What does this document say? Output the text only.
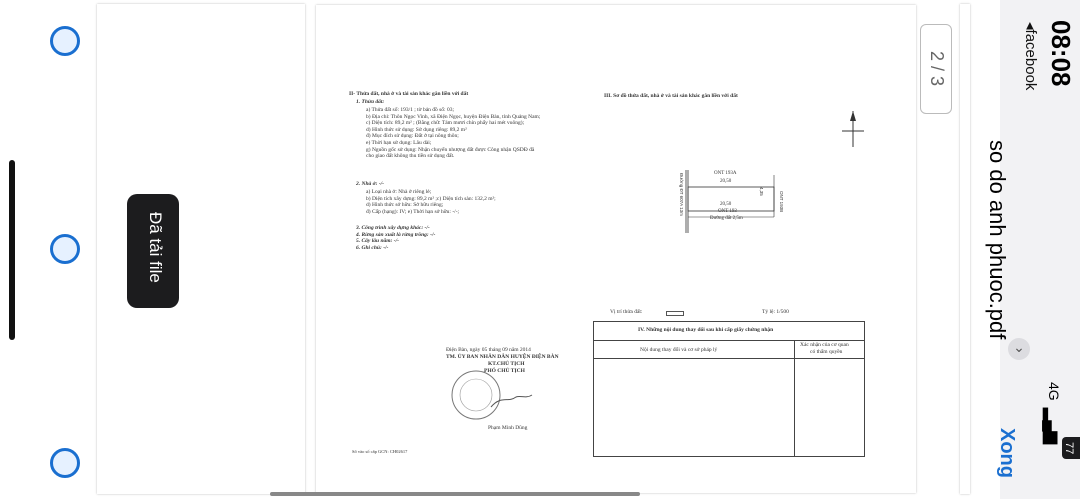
II- Thửa đất, nhà ở và tài sản khác gắn liền với đất
1. Thửa đất:
a) Thửa đất số: 193/1 ; tờ bản đồ số: 03;
b) Địa chỉ: Thôn Ngọc Vinh, xã Điện Ngọc, huyện Điện Bàn, tỉnh Quảng Nam;
c) Diện tích: 89,2 m² ; (Bằng chữ: Tám mươi chín phẩy hai mét vuông);
d) Hình thức sử dụng: Sử dụng riêng: 89,2 m²
đ) Mục đích sử dụng: Đất ở tại nông thôn;
e) Thời hạn sử dụng: Lâu dài;
g) Nguồn gốc sử dụng: Nhận chuyển nhượng đất được Công nhận QSDĐ đã
cho giao đất không thu tiền sử dụng đất.
2. Nhà ở: -/-
a) Loại nhà ở: Nhà ở riêng lẻ;
b) Diện tích xây dựng: 89,2 m² ;c) Diện tích sàn: 132,2 m²;
d) Hình thức sở hữu: Sở hữu riêng;
đ) Cấp (hạng): IV; e) Thời hạn sở hữu: -/-;
3. Công trình xây dựng khác: -/-
4. Rừng sản xuất là rừng trồng: -/-
5. Cây lâu năm: -/-
6. Ghi chú: -/-
Điện Bàn, ngày 05 tháng 09 năm 2014
TM. ỦY BAN NHÂN DÂN HUYỆN ĐIỆN BÀN
KT.CHỦ TỊCH
PHÓ CHỦ TỊCH
Phạm Minh Dũng
Số vào sổ cấp GCN: CH02617
III. Sơ đồ thửa đất, nhà ở và tài sản khác gắn liền với đất
ONT 193A
20,50
20,50
ONT 193
Đường đất 2,5m
4,35	ONT 193B
Đường ĐT 607A 13m
Vị trí thửa đất:	Tỷ lệ: 1/500
IV. Những nội dung thay đổi sau khi cấp giấy chứng nhận
Nội dung thay đổi và cơ sở pháp lý
Xác nhận của cơ quan
có thẩm quyền
2 / 3
Đã tải file
08:08
◂facebook
so do anh phuoc.pdf
⌄
4G
▂▄▆
77
Xong
